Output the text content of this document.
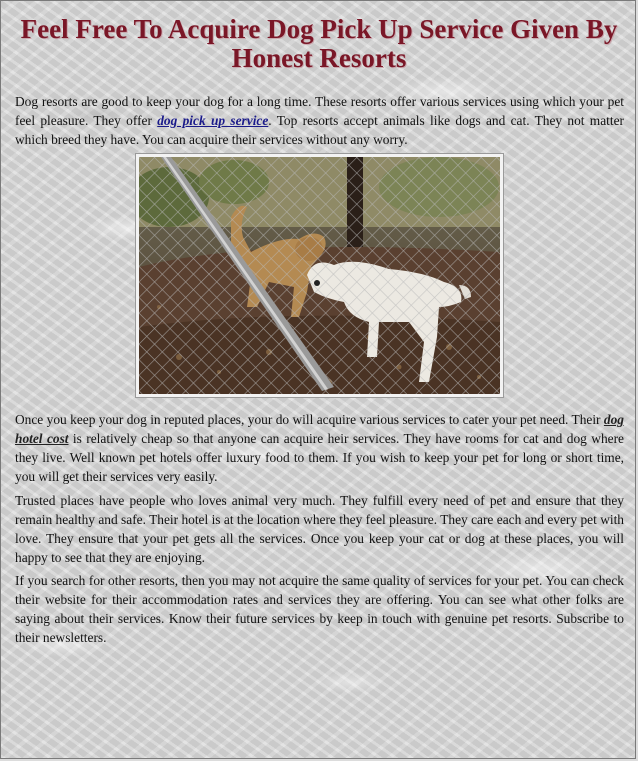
Feel Free To Acquire Dog Pick Up Service Given By Honest Resorts

Dog resorts are good to keep your dog for a long time. These resorts offer various services using which your pet feel pleasure. They offer dog pick up service. Top resorts accept animals like dogs and cat. They not matter which breed they have. You can acquire their services without any worry.

Once you keep your dog in reputed places, your do will acquire various services to cater your pet need. Their dog hotel cost is relatively cheap so that anyone can acquire heir services. They have rooms for cat and dog where they live. Well known pet hotels offer luxury food to them. If you wish to keep your pet for long or short time, you will get their services very easily.

Trusted places have people who loves animal very much. They fulfill every need of pet and ensure that they remain healthy and safe. Their hotel is at the location where they feel pleasure. They care each and every pet with love. They ensure that your pet gets all the services. Once you keep your cat or dog at these places, you will happy to see that they are enjoying.

If you search for other resorts, then you may not acquire the same quality of services for your pet. You can check their website for their accommodation rates and services they are offering. You can see what other folks are saying about their services. Know their future services by keep in touch with genuine pet resorts. Subscribe to their newsletters.
